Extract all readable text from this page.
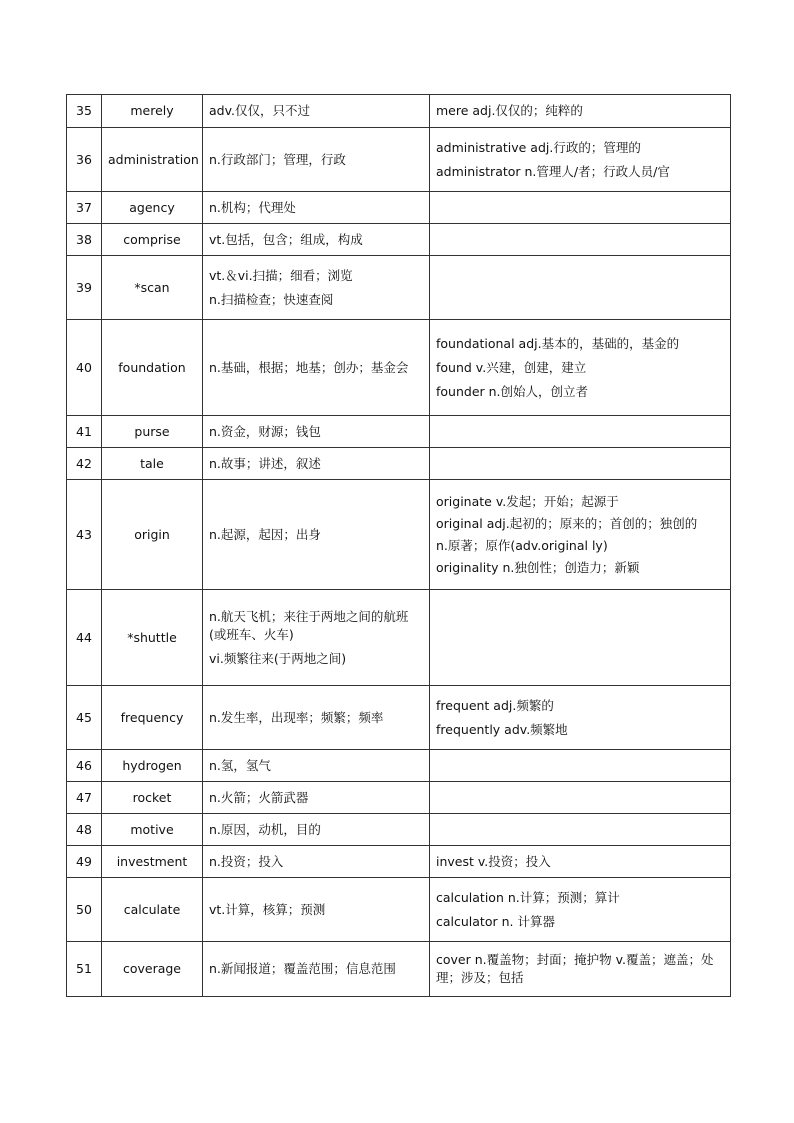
35	merely	adv.仅仅，只不过	mere adj.仅仅的；纯粹的

36	administration	n.行政部门；管理，行政	administrative adj.行政的；管理的
administrator n.管理人/者；行政人员/官

37	agency	n.机构；代理处	

38	comprise	vt.包括，包含；组成，构成	

39	*scan	vt.＆vi.扫描；细看；浏览
n.扫描检查；快速查阅	

40	foundation	n.基础，根据；地基；创办；基金会	foundational adj.基本的，基础的，基金的
found v.兴建，创建，建立
founder n.创始人，创立者

41	purse	n.资金，财源；钱包	

42	tale	n.故事；讲述，叙述	

43	origin	n.起源，起因；出身	originate v.发起；开始；起源于
original adj.起初的；原来的；首创的；独创的
n.原著；原作(adv.original ly)
originality n.独创性；创造力；新颖

44	*shuttle	n.航天飞机；来往于两地之间的航班(或班车、火车)
vi.频繁往来(于两地之间)	

45	frequency	n.发生率，出现率；频繁；频率	frequent adj.频繁的
frequently adv.频繁地

46	hydrogen	n.氢，氢气	

47	rocket	n.火箭；火箭武器	

48	motive	n.原因，动机，目的	

49	investment	n.投资；投入	invest v.投资；投入

50	calculate	vt.计算，核算；预测	calculation n.计算；预测；算计
calculator n. 计算器

51	coverage	n.新闻报道；覆盖范围；信息范围	cover n.覆盖物；封面；掩护物 v.覆盖；遮盖；处理；涉及；包括
